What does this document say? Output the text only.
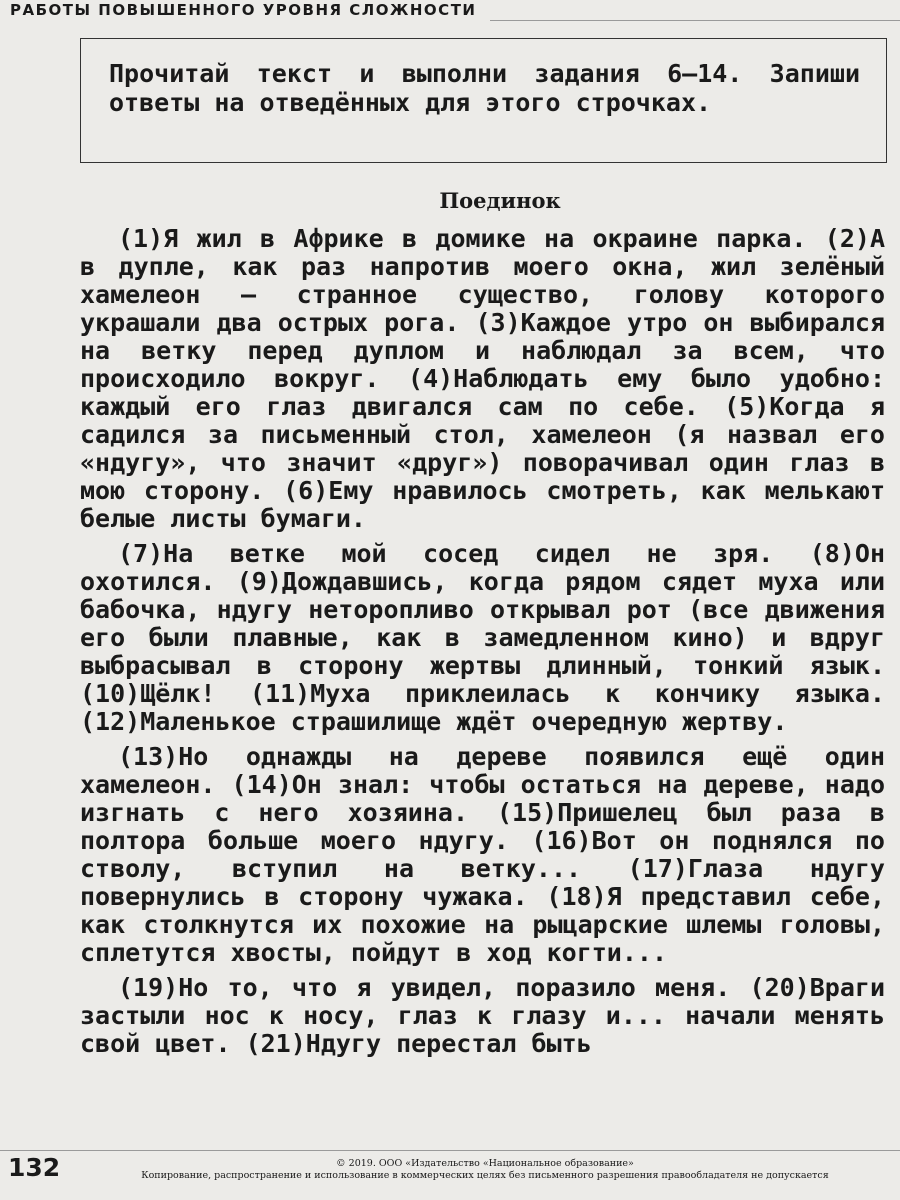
РАБОТЫ ПОВЫШЕННОГО УРОВНЯ СЛОЖНОСТИ
Прочитай текст и выполни задания 6–14. Запиши ответы на отведённых для этого строчках.
Поединок

(1)Я жил в Африке в домике на окраине парка. (2)А в дупле, как раз напротив моего окна, жил зелёный хамелеон — странное существо, голову которого украшали два острых рога. (3)Каждое утро он выбирался на ветку перед дуплом и наблюдал за всем, что происходило вокруг. (4)Наблюдать ему было удобно: каждый его глаз двигался сам по себе. (5)Когда я садился за письменный стол, хамелеон (я назвал его «ндугу», что значит «друг») поворачивал один глаз в мою сторону. (6)Ему нравилось смотреть, как мелькают белые листы бумаги.

(7)На ветке мой сосед сидел не зря. (8)Он охотился. (9)Дождавшись, когда рядом сядет муха или бабочка, ндугу неторопливо открывал рот (все движения его были плавные, как в замедленном кино) и вдруг выбрасывал в сторону жертвы длинный, тонкий язык. (10)Щёлк! (11)Муха приклеилась к кончику языка. (12)Маленькое страшилище ждёт очередную жертву.

(13)Но однажды на дереве появился ещё один хамелеон. (14)Он знал: чтобы остаться на дереве, надо изгнать с него хозяина. (15)Пришелец был раза в полтора больше моего ндугу. (16)Вот он поднялся по стволу, вступил на ветку... (17)Глаза ндугу повернулись в сторону чужака. (18)Я представил себе, как столкнутся их похожие на рыцарские шлемы головы, сплетутся хвосты, пойдут в ход когти...

(19)Но то, что я увидел, поразило меня. (20)Враги застыли нос к носу, глаз к глазу и... начали менять свой цвет. (21)Ндугу перестал быть

132	© 2019. ООО «Издательство «Национальное образование»
Копирование, распространение и использование в коммерческих целях без письменного разрешения правообладателя не допускается
